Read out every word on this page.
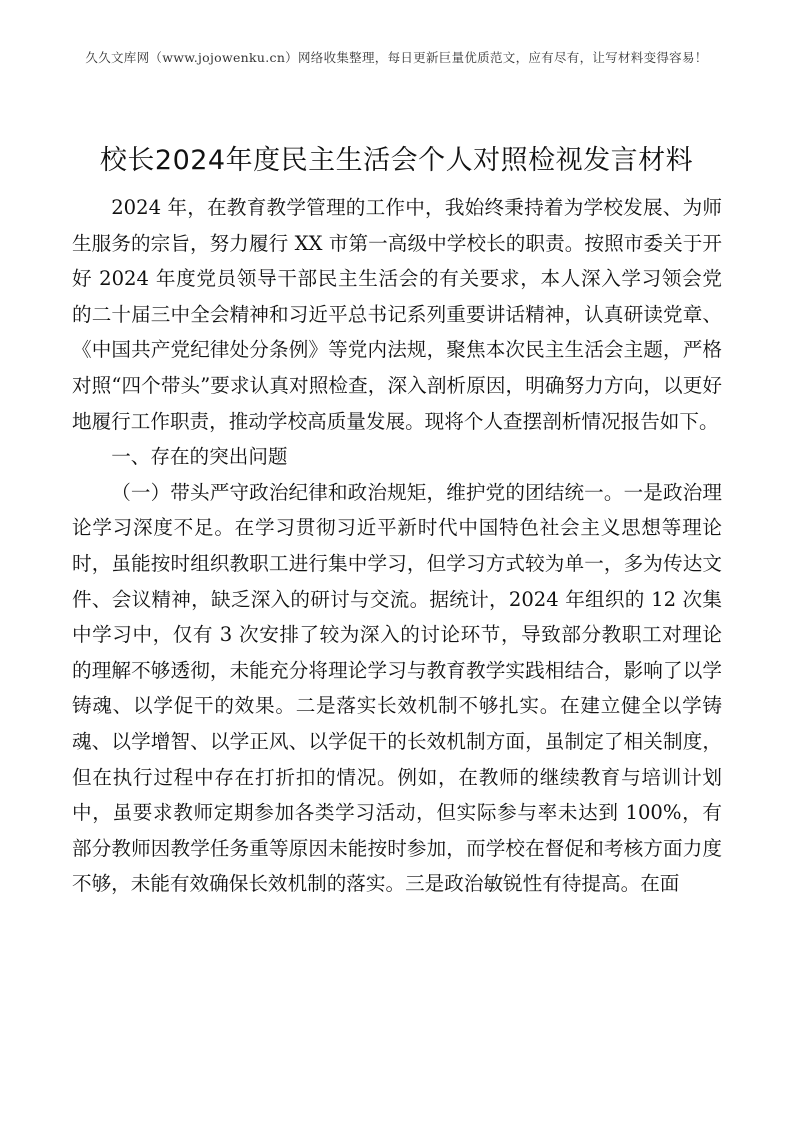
久久文库网（www.jojowenku.cn）网络收集整理，每日更新巨量优质范文，应有尽有，让写材料变得容易！
校长2024年度民主生活会个人对照检视发言材料

2024 年，在教育教学管理的工作中，我始终秉持着为学校发展、为师生服务的宗旨，努力履行 XX 市第一高级中学校长的职责。按照市委关于开好 2024 年度党员领导干部民主生活会的有关要求，本人深入学习领会党的二十届三中全会精神和习近平总书记系列重要讲话精神，认真研读党章、《中国共产党纪律处分条例》等党内法规，聚焦本次民主生活会主题，严格对照“四个带头”要求认真对照检查，深入剖析原因，明确努力方向，以更好地履行工作职责，推动学校高质量发展。现将个人查摆剖析情况报告如下。

一、存在的突出问题

（一）带头严守政治纪律和政治规矩，维护党的团结统一。一是政治理论学习深度不足。在学习贯彻习近平新时代中国特色社会主义思想等理论时，虽能按时组织教职工进行集中学习，但学习方式较为单一，多为传达文件、会议精神，缺乏深入的研讨与交流。据统计，2024 年组织的 12 次集中学习中，仅有 3 次安排了较为深入的讨论环节，导致部分教职工对理论的理解不够透彻，未能充分将理论学习与教育教学实践相结合，影响了以学铸魂、以学促干的效果。二是落实长效机制不够扎实。在建立健全以学铸魂、以学增智、以学正风、以学促干的长效机制方面，虽制定了相关制度，但在执行过程中存在打折扣的情况。例如，在教师的继续教育与培训计划中，虽要求教师定期参加各类学习活动，但实际参与率未达到 100%，有部分教师因教学任务重等原因未能按时参加，而学校在督促和考核方面力度不够，未能有效确保长效机制的落实。三是政治敏锐性有待提高。在面
